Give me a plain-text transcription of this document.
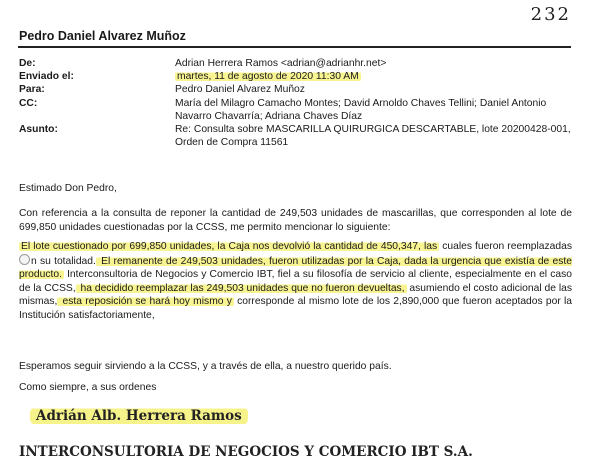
232
Pedro Daniel Alvarez Muñoz
De:	Adrian Herrera Ramos <adrian@adrianhr.net>
Enviado el:	martes, 11 de agosto de 2020 11:30 AM
Para:	Pedro Daniel Alvarez Muñoz
CC:	María del Milagro Camacho Montes; David Arnoldo Chaves Tellini; Daniel Antonio Navarro Chavarría; Adriana Chaves Díaz
Asunto:	Re: Consulta sobre MASCARILLA QUIRURGICA DESCARTABLE, lote 20200428-001, Orden de Compra 11561
Estimado Don Pedro,
Con referencia a la consulta de reponer la cantidad de 249,503 unidades de mascarillas, que corresponden al lote de 699,850 unidades cuestionadas por la CCSS, me permito mencionar lo siguiente:
El lote cuestionado por 699,850 unidades, la Caja nos devolvió la cantidad de 450,347, las cuales fueron reemplazadas n su totalidad. El remanente de 249,503 unidades, fueron utilizadas por la Caja, dada la urgencia que existía de este producto. Interconsultoria de Negocios y Comercio IBT, fiel a su filosofía de servicio al cliente, especialmente en el caso de la CCSS, ha decidido reemplazar las 249,503 unidades que no fueron devueltas, asumiendo el costo adicional de las mismas, esta reposición se hará hoy mismo y corresponde al mismo lote de los 2,890,000 que fueron aceptados por la Institución satisfactoriamente,
Esperamos seguir sirviendo a la CCSS, y a través de ella, a nuestro querido país.
Como siempre, a sus ordenes
Adrián Alb. Herrera Ramos
INTERCONSULTORIA DE NEGOCIOS Y COMERCIO IBT S.A.
